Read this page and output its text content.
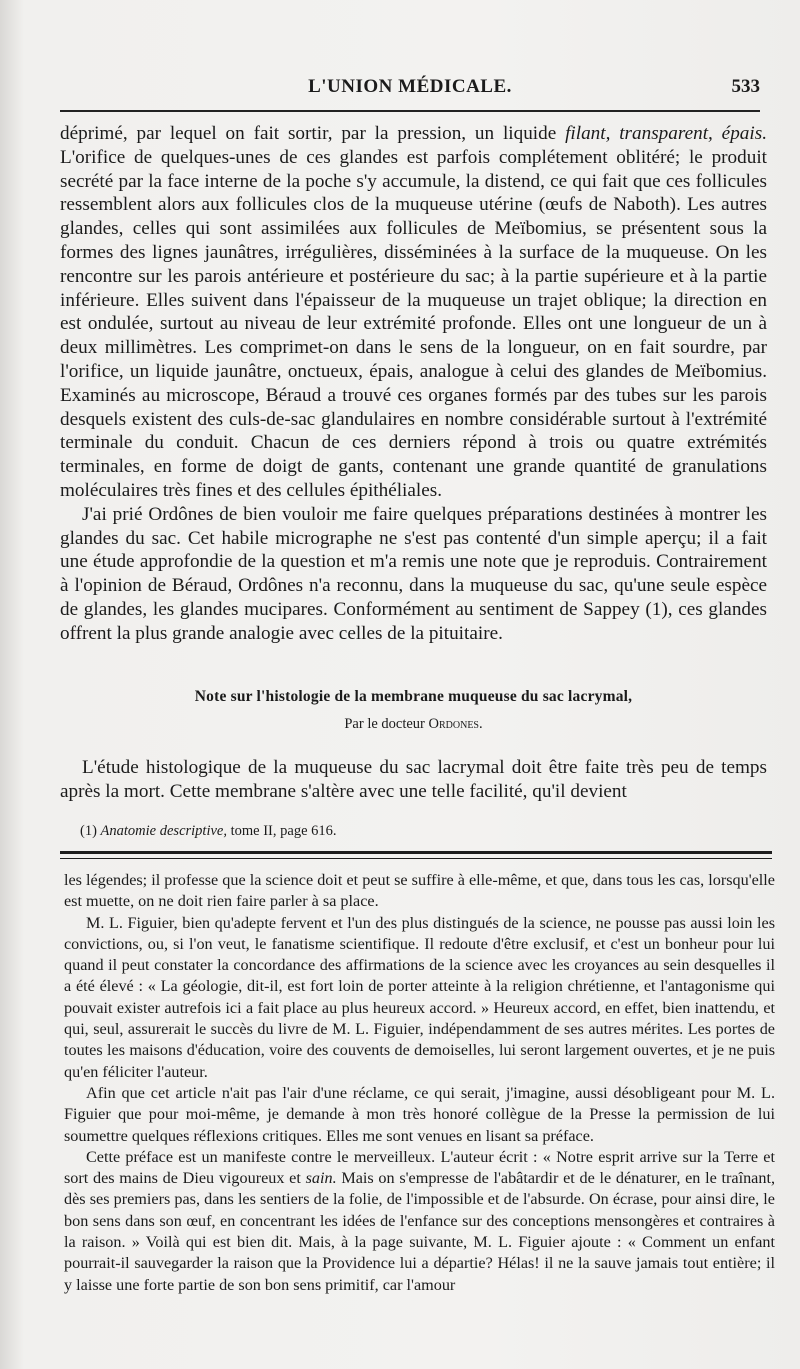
L'UNION MÉDICALE.	533

déprimé, par lequel on fait sortir, par la pression, un liquide filant, transparent, épais. L'orifice de quelques-unes de ces glandes est parfois complétement oblitéré; le produit secrété par la face interne de la poche s'y accumule, la distend, ce qui fait que ces follicules ressemblent alors aux follicules clos de la muqueuse utérine (œufs de Naboth). Les autres glandes, celles qui sont assimilées aux follicules de Meïbomius, se présentent sous la formes des lignes jaunâtres, irrégulières, disséminées à la surface de la muqueuse. On les rencontre sur les parois antérieure et postérieure du sac; à la partie supérieure et à la partie inférieure. Elles suivent dans l'épaisseur de la muqueuse un trajet oblique; la direction en est ondulée, surtout au niveau de leur extrémité profonde. Elles ont une longueur de un à deux millimètres. Les comprimet-on dans le sens de la longueur, on en fait sourdre, par l'orifice, un liquide jaunâtre, onctueux, épais, analogue à celui des glandes de Meïbomius. Examinés au microscope, Béraud a trouvé ces organes formés par des tubes sur les parois desquels existent des culs-de-sac glandulaires en nombre considérable surtout à l'extrémité terminale du conduit. Chacun de ces derniers répond à trois ou quatre extrémités terminales, en forme de doigt de gants, contenant une grande quantité de granulations moléculaires très fines et des cellules épithéliales.

J'ai prié Ordônes de bien vouloir me faire quelques préparations destinées à montrer les glandes du sac. Cet habile micrographe ne s'est pas contenté d'un simple aperçu; il a fait une étude approfondie de la question et m'a remis une note que je reproduis. Contrairement à l'opinion de Béraud, Ordônes n'a reconnu, dans la muqueuse du sac, qu'une seule espèce de glandes, les glandes mucipares. Conformément au sentiment de Sappey (1), ces glandes offrent la plus grande analogie avec celles de la pituitaire.

Note sur l'histologie de la membrane muqueuse du sac lacrymal,
Par le docteur Ordones.

L'étude histologique de la muqueuse du sac lacrymal doit être faite très peu de temps après la mort. Cette membrane s'altère avec une telle facilité, qu'il devient

(1) Anatomie descriptive, tome II, page 616.

les légendes; il professe que la science doit et peut se suffire à elle-même, et que, dans tous les cas, lorsqu'elle est muette, on ne doit rien faire parler à sa place.

M. L. Figuier, bien qu'adepte fervent et l'un des plus distingués de la science, ne pousse pas aussi loin les convictions, ou, si l'on veut, le fanatisme scientifique. Il redoute d'être exclusif, et c'est un bonheur pour lui quand il peut constater la concordance des affirmations de la science avec les croyances au sein desquelles il a été élevé : « La géologie, dit-il, est fort loin de porter atteinte à la religion chrétienne, et l'antagonisme qui pouvait exister autrefois ici a fait place au plus heureux accord. » Heureux accord, en effet, bien inattendu, et qui, seul, assurerait le succès du livre de M. L. Figuier, indépendamment de ses autres mérites. Les portes de toutes les maisons d'éducation, voire des couvents de demoiselles, lui seront largement ouvertes, et je ne puis qu'en féliciter l'auteur.

Afin que cet article n'ait pas l'air d'une réclame, ce qui serait, j'imagine, aussi désobligeant pour M. L. Figuier que pour moi-même, je demande à mon très honoré collègue de la Presse la permission de lui soumettre quelques réflexions critiques. Elles me sont venues en lisant sa préface.

Cette préface est un manifeste contre le merveilleux. L'auteur écrit : « Notre esprit arrive sur la Terre et sort des mains de Dieu vigoureux et sain. Mais on s'empresse de l'abâtardir et de le dénaturer, en le traînant, dès ses premiers pas, dans les sentiers de la folie, de l'impossible et de l'absurde. On écrase, pour ainsi dire, le bon sens dans son œuf, en concentrant les idées de l'enfance sur des conceptions mensongères et contraires à la raison. » Voilà qui est bien dit. Mais, à la page suivante, M. L. Figuier ajoute : « Comment un enfant pourrait-il sauvegarder la raison que la Providence lui a départie? Hélas! il ne la sauve jamais tout entière; il y laisse une forte partie de son bon sens primitif, car l'amour
